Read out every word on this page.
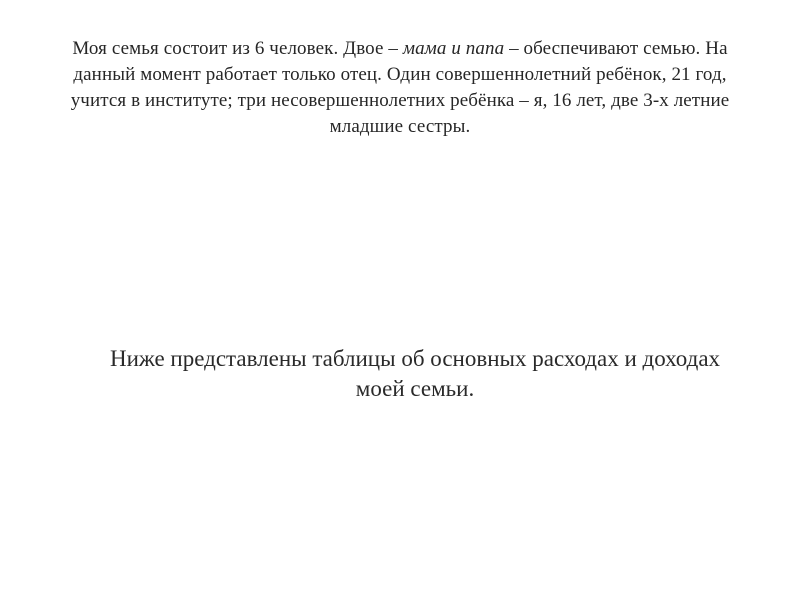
Моя семья состоит из 6 человек. Двое – мама и папа – обеспечивают семью. На данный момент работает только отец. Один совершеннолетний ребёнок, 21 год, учится в институте; три несовершеннолетних ребёнка – я, 16 лет, две 3-х летние младшие сестры.

Ниже представлены таблицы об основных расходах и доходах моей семьи.
